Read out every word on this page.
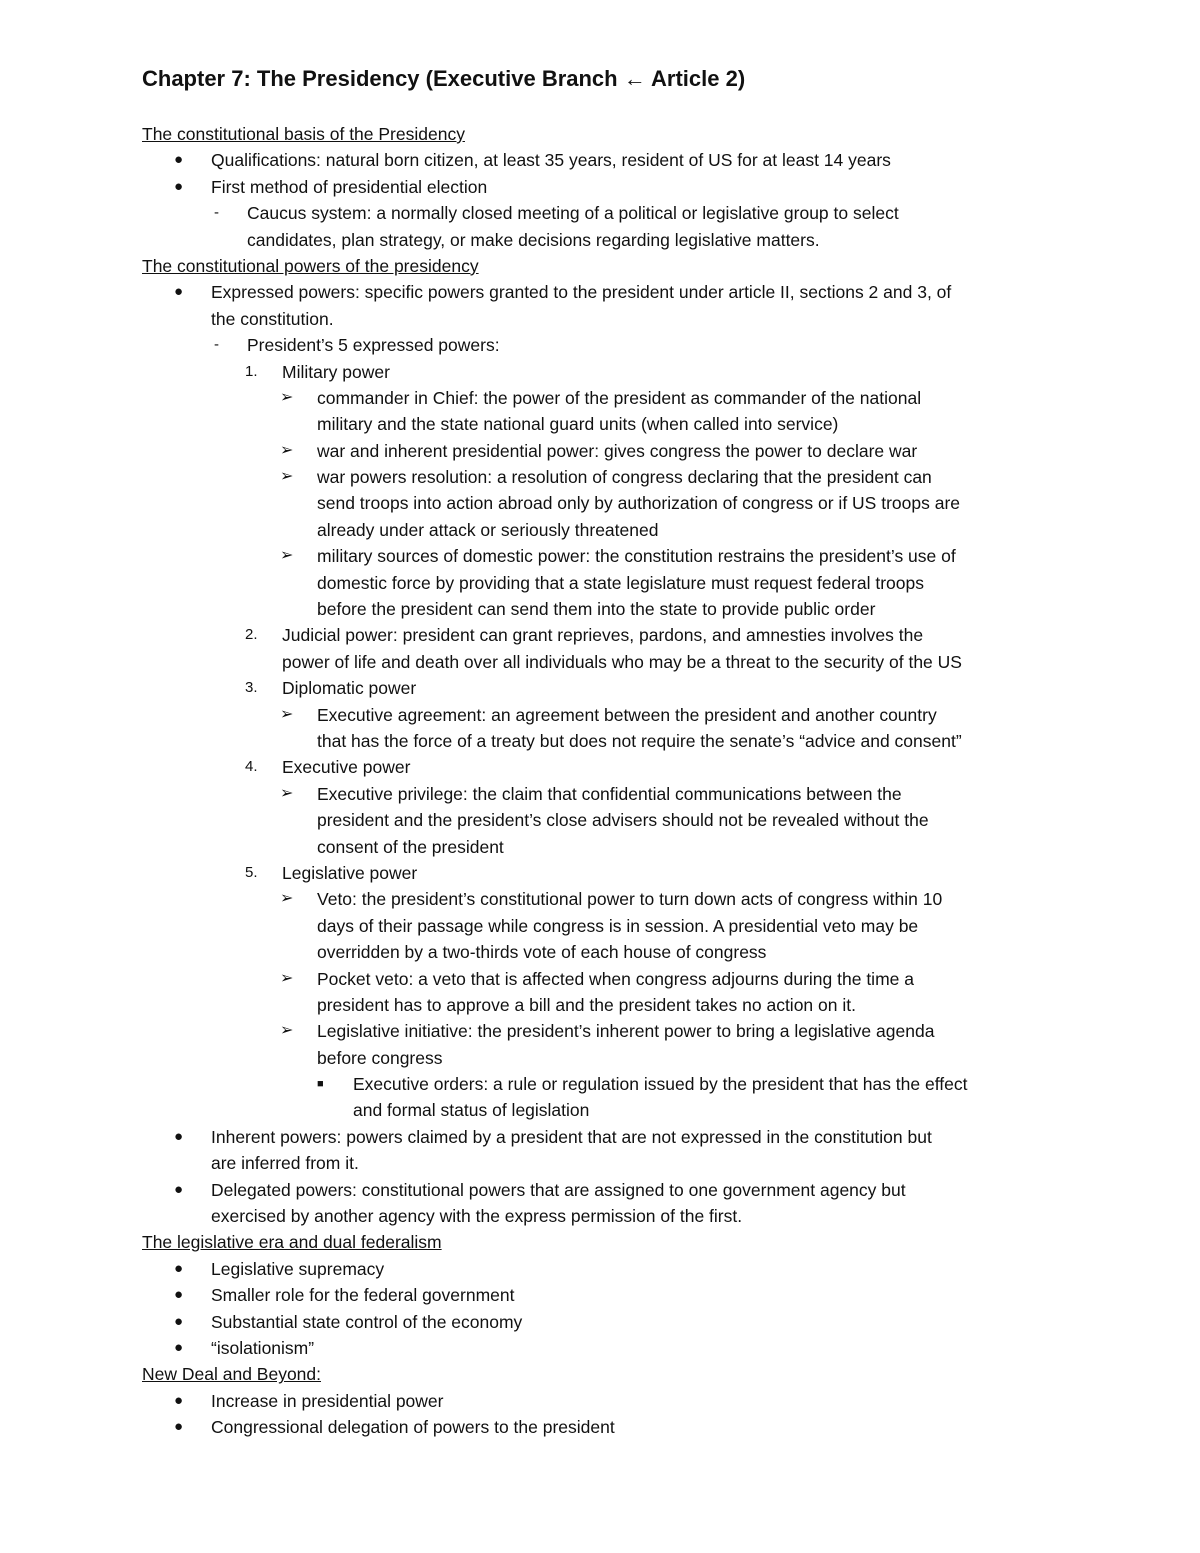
Chapter 7: The Presidency (Executive Branch ← Article 2)
The constitutional basis of the Presidency
● Qualifications: natural born citizen, at least 35 years, resident of US for at least 14 years
● First method of presidential election
- Caucus system: a normally closed meeting of a political or legislative group to select
candidates, plan strategy, or make decisions regarding legislative matters.
The constitutional powers of the presidency
● Expressed powers: specific powers granted to the president under article II, sections 2 and 3, of
the constitution.
- President’s 5 expressed powers:
1. Military power
➢ commander in Chief: the power of the president as commander of the national
military and the state national guard units (when called into service)
➢ war and inherent presidential power: gives congress the power to declare war
➢ war powers resolution: a resolution of congress declaring that the president can
send troops into action abroad only by authorization of congress or if US troops are
already under attack or seriously threatened
➢ military sources of domestic power: the constitution restrains the president’s use of
domestic force by providing that a state legislature must request federal troops
before the president can send them into the state to provide public order
2. Judicial power: president can grant reprieves, pardons, and amnesties involves the
power of life and death over all individuals who may be a threat to the security of the US
3. Diplomatic power
➢ Executive agreement: an agreement between the president and another country
that has the force of a treaty but does not require the senate’s “advice and consent”
4. Executive power
➢ Executive privilege: the claim that confidential communications between the
president and the president’s close advisers should not be revealed without the
consent of the president
5. Legislative power
➢ Veto: the president’s constitutional power to turn down acts of congress within 10
days of their passage while congress is in session. A presidential veto may be
overridden by a two-thirds vote of each house of congress
➢ Pocket veto: a veto that is affected when congress adjourns during the time a
president has to approve a bill and the president takes no action on it.
➢ Legislative initiative: the president’s inherent power to bring a legislative agenda
before congress
■ Executive orders: a rule or regulation issued by the president that has the effect
and formal status of legislation
● Inherent powers: powers claimed by a president that are not expressed in the constitution but
are inferred from it.
● Delegated powers: constitutional powers that are assigned to one government agency but
exercised by another agency with the express permission of the first.
The legislative era and dual federalism
● Legislative supremacy
● Smaller role for the federal government
● Substantial state control of the economy
● “isolationism”
New Deal and Beyond:
● Increase in presidential power
● Congressional delegation of powers to the president
